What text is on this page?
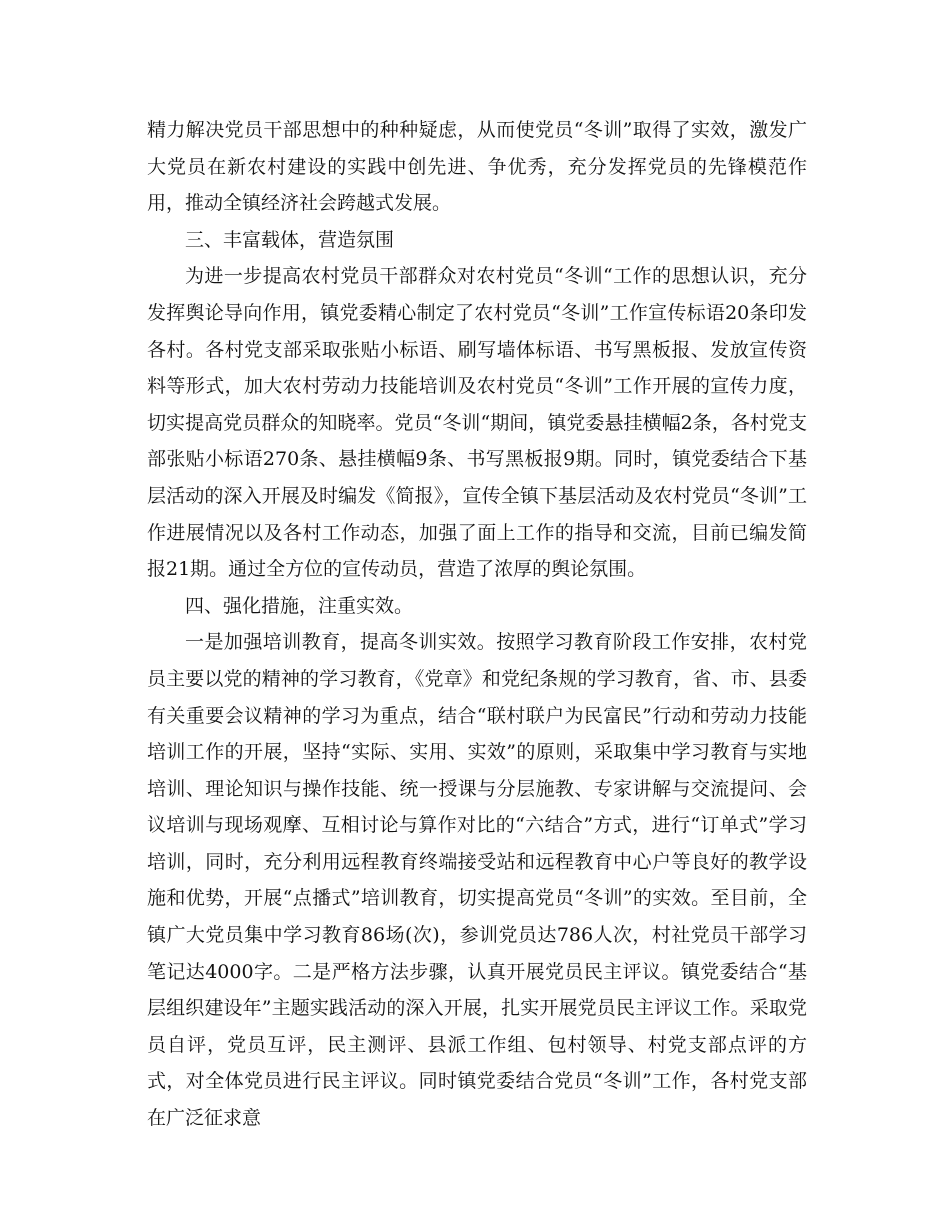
精力解决党员干部思想中的种种疑虑，从而使党员“冬训”取得了实效，激发广大党员在新农村建设的实践中创先进、争优秀，充分发挥党员的先锋模范作用，推动全镇经济社会跨越式发展。

三、丰富载体，营造氛围

为进一步提高农村党员干部群众对农村党员“冬训“工作的思想认识，充分发挥舆论导向作用，镇党委精心制定了农村党员“冬训”工作宣传标语20条印发各村。各村党支部采取张贴小标语、刷写墙体标语、书写黑板报、发放宣传资料等形式，加大农村劳动力技能培训及农村党员“冬训”工作开展的宣传力度，切实提高党员群众的知晓率。党员“冬训“期间，镇党委悬挂横幅2条，各村党支部张贴小标语270条、悬挂横幅9条、书写黑板报9期。同时，镇党委结合下基层活动的深入开展及时编发《简报》，宣传全镇下基层活动及农村党员“冬训”工作进展情况以及各村工作动态，加强了面上工作的指导和交流，目前已编发简报21期。通过全方位的宣传动员，营造了浓厚的舆论氛围。

四、强化措施，注重实效。

一是加强培训教育，提高冬训实效。按照学习教育阶段工作安排，农村党员主要以党的精神的学习教育，《党章》和党纪条规的学习教育，省、市、县委有关重要会议精神的学习为重点，结合“联村联户为民富民”行动和劳动力技能培训工作的开展，坚持“实际、实用、实效”的原则，采取集中学习教育与实地培训、理论知识与操作技能、统一授课与分层施教、专家讲解与交流提问、会议培训与现场观摩、互相讨论与算作对比的“六结合”方式，进行“订单式”学习培训，同时，充分利用远程教育终端接受站和远程教育中心户等良好的教学设施和优势，开展“点播式”培训教育，切实提高党员“冬训”的实效。至目前，全镇广大党员集中学习教育86场(次)，参训党员达786人次，村社党员干部学习笔记达4000字。二是严格方法步骤，认真开展党员民主评议。镇党委结合“基层组织建设年”主题实践活动的深入开展，扎实开展党员民主评议工作。采取党员自评，党员互评，民主测评、县派工作组、包村领导、村党支部点评的方式，对全体党员进行民主评议。同时镇党委结合党员“冬训”工作，各村党支部在广泛征求意
